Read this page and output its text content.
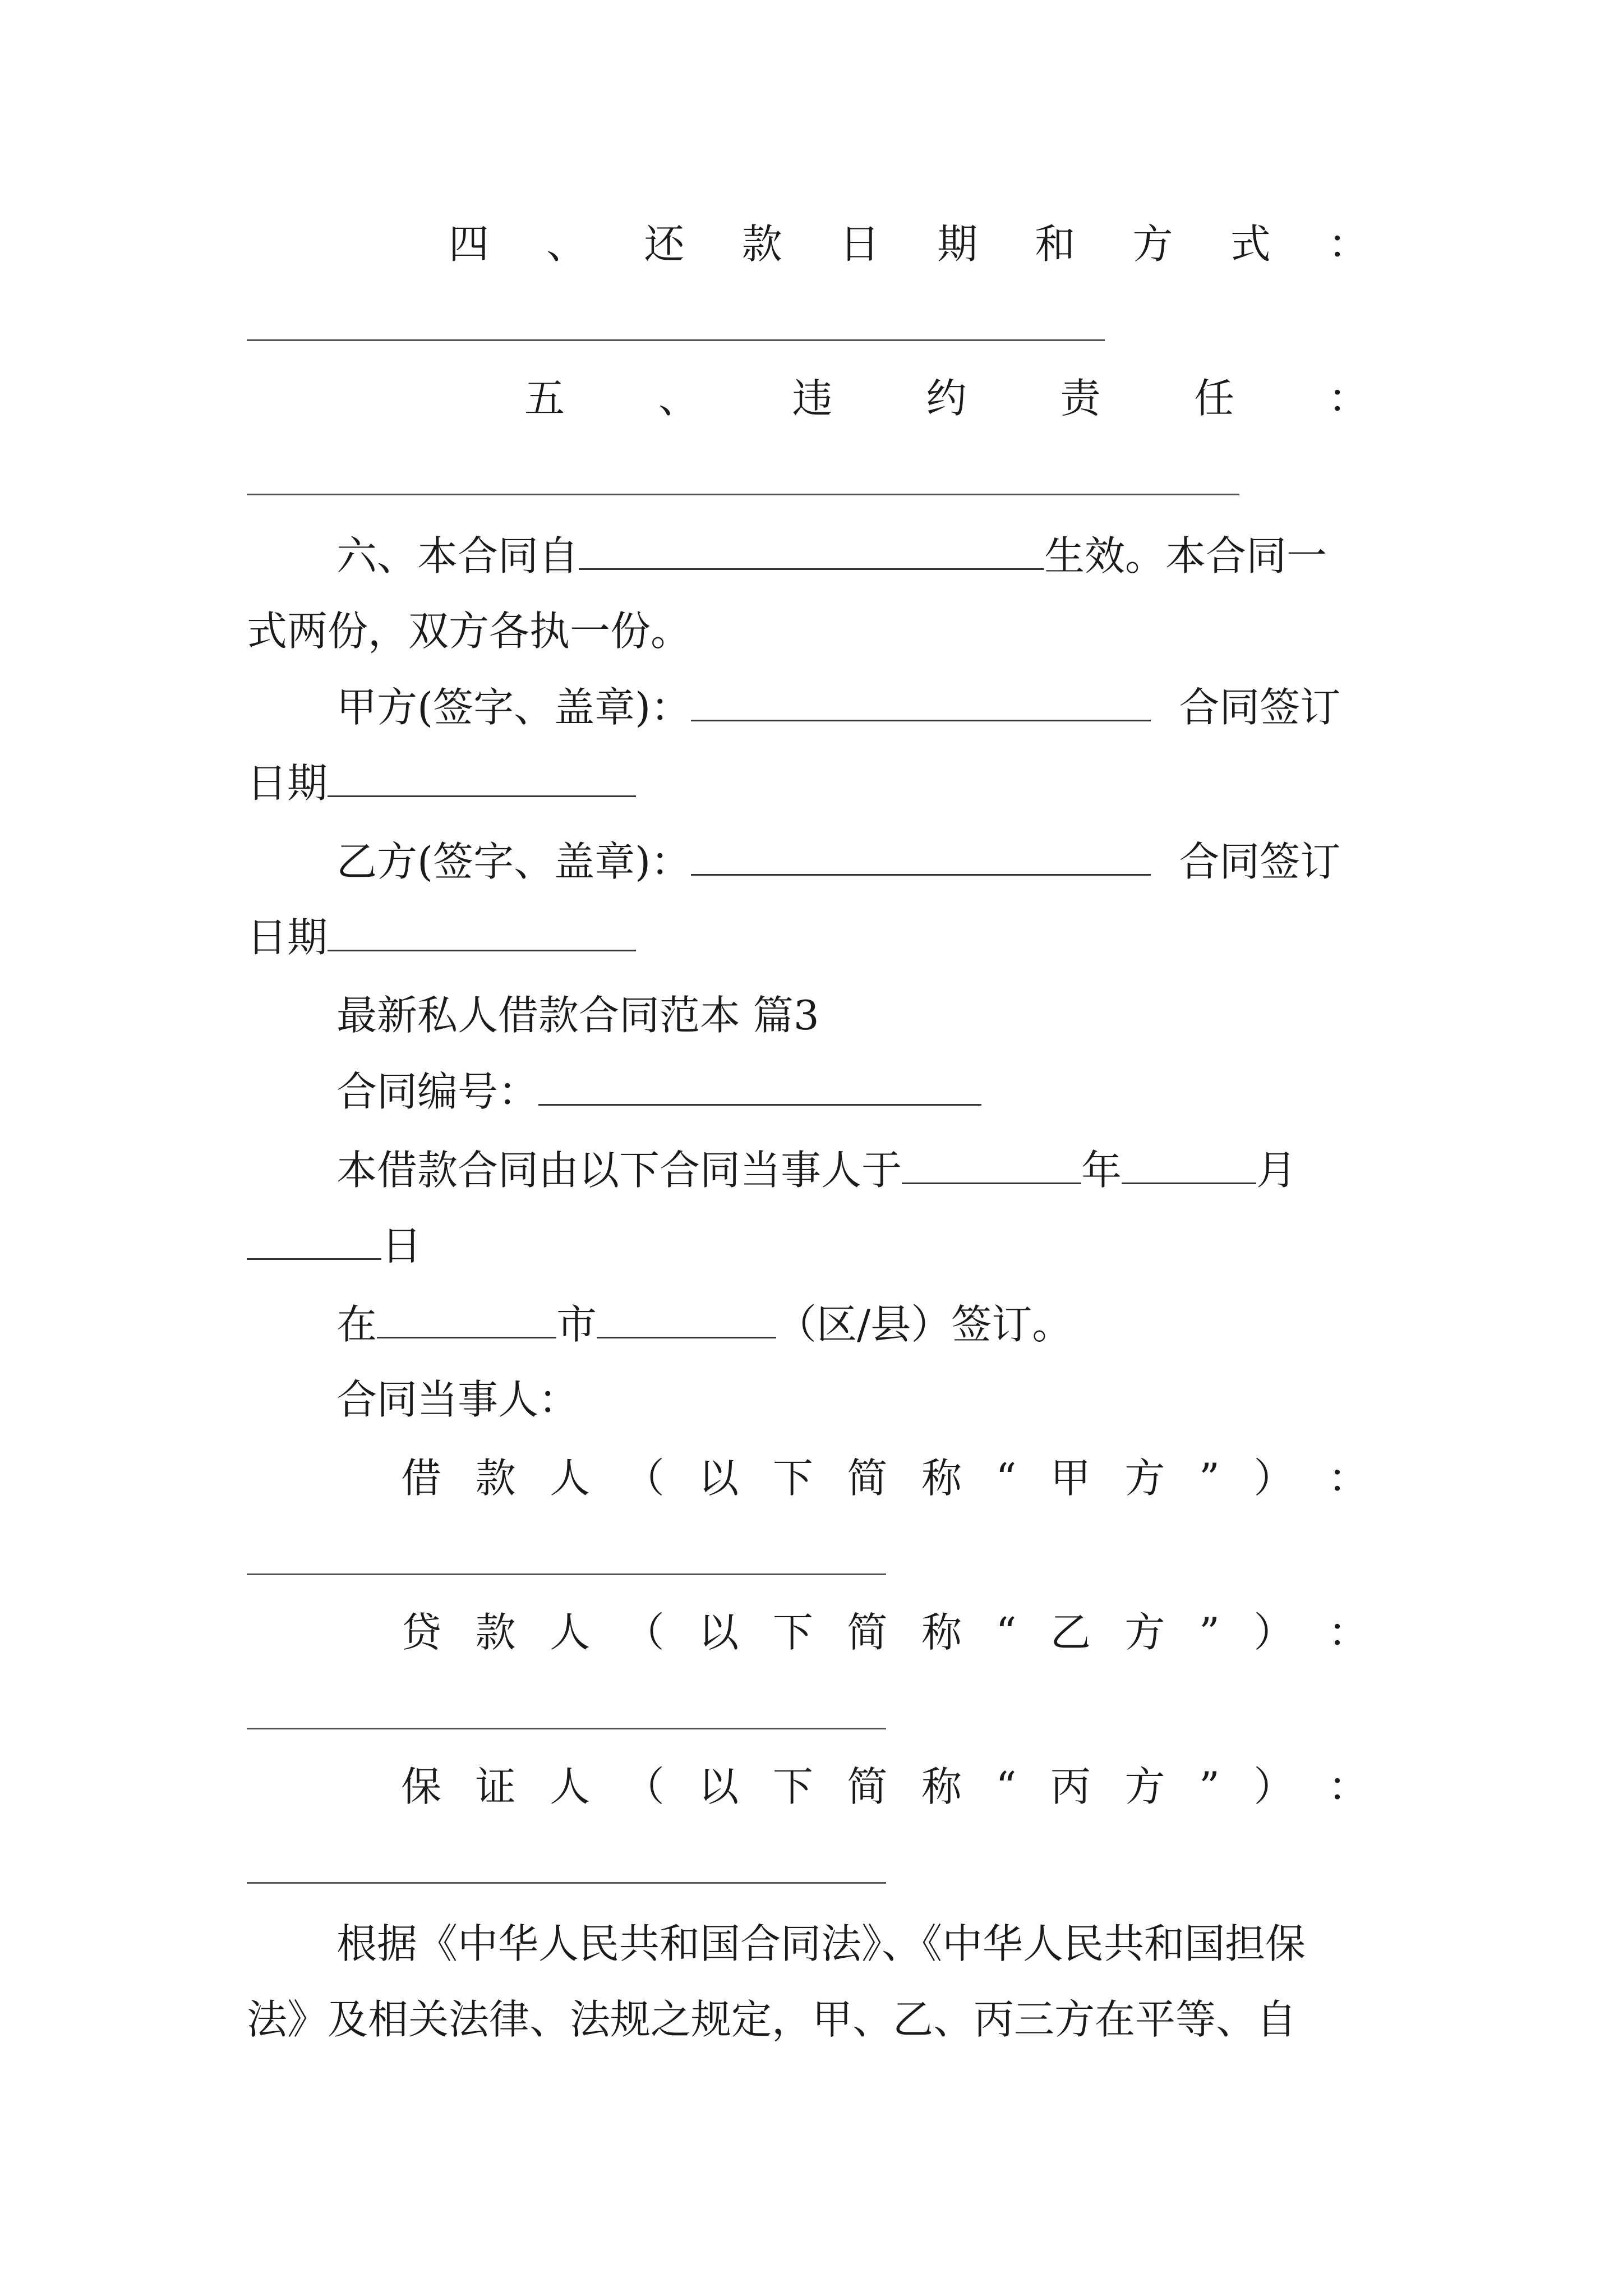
四 、 还 款 日 期 和 方 式 ：
五 、 违 约 责 任 ：
六、本合同自	生效。本合同一
式两份，双方各执一份。
甲方(签字、盖章)：	合同签订
日期
乙方(签字、盖章)：	合同签订
日期
最新私人借款合同范本 篇3
合同编号：
本借款合同由以下合同当事人于	年	月
日
在	市	（区/县）签订。
合同当事人：
借 款 人 （ 以 下 简 称 “ 甲 方 ” ） ：
贷 款 人 （ 以 下 简 称 “ 乙 方 ” ） ：
保 证 人 （ 以 下 简 称 “ 丙 方 ” ） ：
根据《中华人民共和国合同法》、《中华人民共和国担保
法》及相关法律、法规之规定，甲、乙、丙三方在平等、自
